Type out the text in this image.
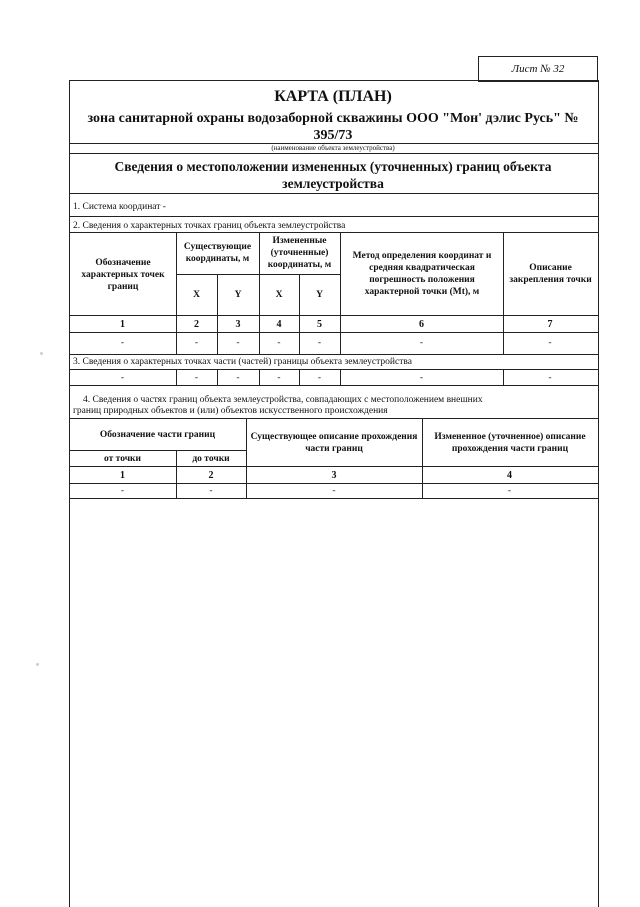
Лист № 32
КАРТА (ПЛАН)
зона санитарной охраны водозаборной скважины ООО "Мон' дэлис Русь" №
395/73
(наименование объекта землеустройства)
Сведения о местоположении измененных (уточненных) границ объекта
землеустройства
1. Система координат -
2. Сведения о характерных точках границ объекта землеустройства
Обозначение характерных точек границ
Существующие координаты, м
Измененные (уточненные) координаты, м
Метод определения координат и средняя квадратическая погрешность положения характерной точки (Mt), м
Описание закрепления точки
X	Y	X	Y
1	2	3	4	5	6	7
-	-	-	-	-	-	-
3. Сведения о характерных точках части (частей) границы объекта землеустройства
-	-	-	-	-	-	-
4. Сведения о частях границ объекта землеустройства, совпадающих с местоположением внешних
границ природных объектов и (или) объектов искусственного происхождения
Обозначение части границ
от точки	до точки
Существующее описание прохождения части границ
Измененное (уточненное) описание прохождения части границ
1	2	3	4
-	-	-	-
